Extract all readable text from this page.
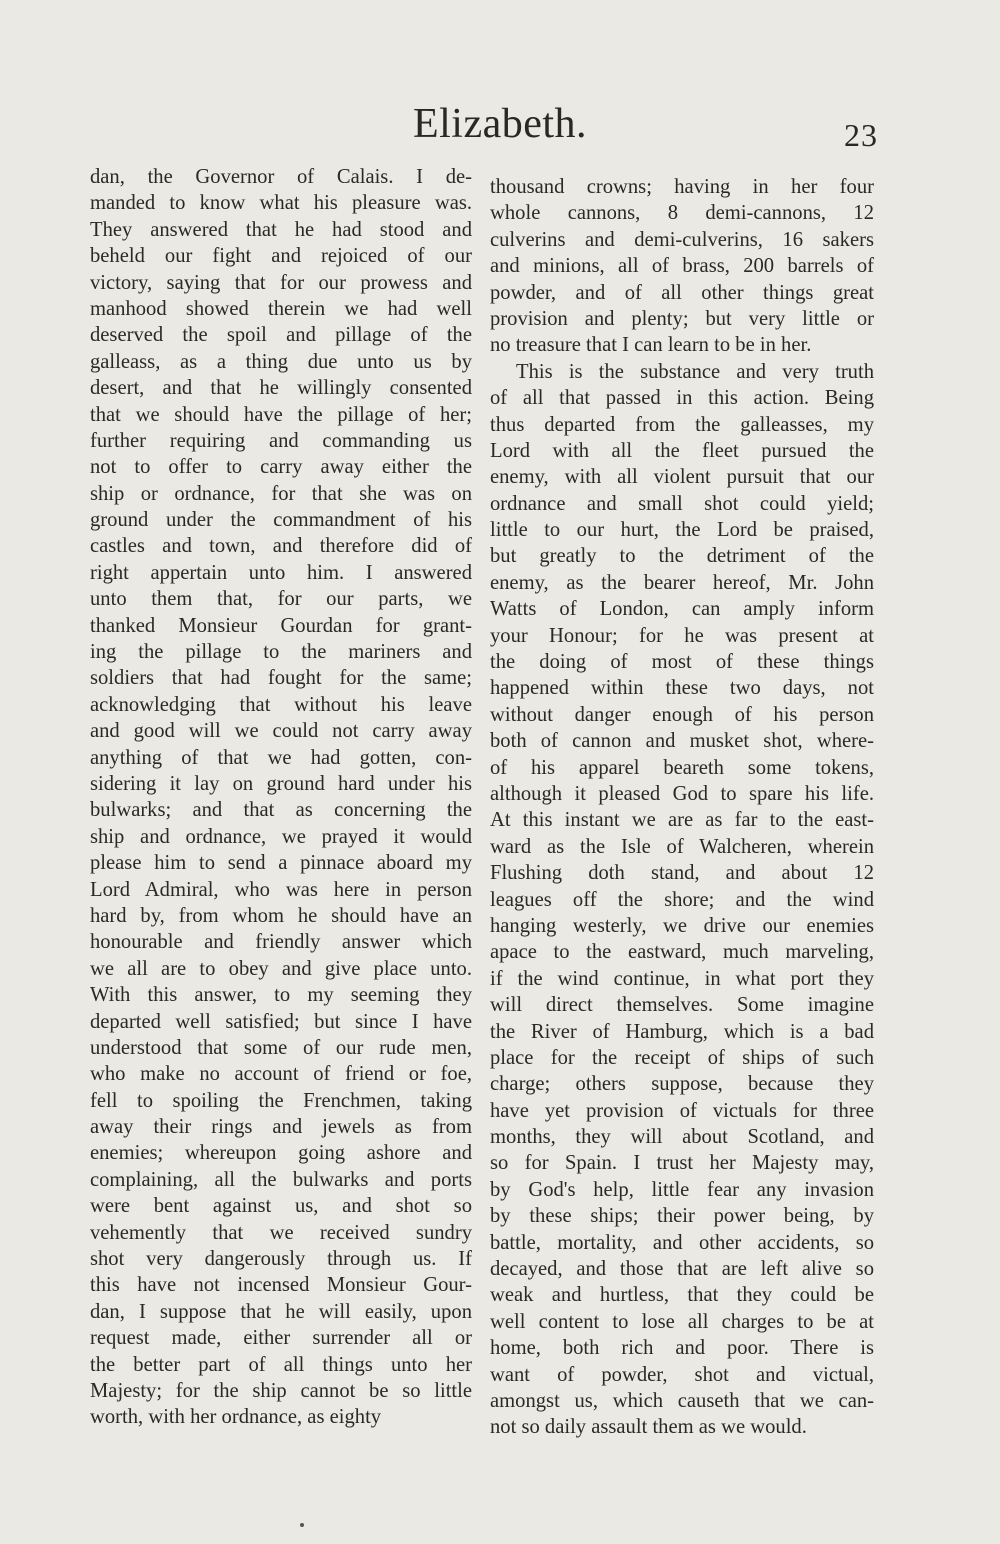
Elizabeth.	23
dan, the Governor of Calais. I de-
manded to know what his pleasure was.
They answered that he had stood and
beheld our fight and rejoiced of our
victory, saying that for our prowess and
manhood showed therein we had well
deserved the spoil and pillage of the
galleass, as a thing due unto us by
desert, and that he willingly consented
that we should have the pillage of her;
further requiring and commanding us
not to offer to carry away either the
ship or ordnance, for that she was on
ground under the commandment of his
castles and town, and therefore did of
right appertain unto him. I answered
unto them that, for our parts, we
thanked Monsieur Gourdan for grant-
ing the pillage to the mariners and
soldiers that had fought for the same;
acknowledging that without his leave
and good will we could not carry away
anything of that we had gotten, con-
sidering it lay on ground hard under his
bulwarks; and that as concerning the
ship and ordnance, we prayed it would
please him to send a pinnace aboard my
Lord Admiral, who was here in person
hard by, from whom he should have an
honourable and friendly answer which
we all are to obey and give place unto.
With this answer, to my seeming they
departed well satisfied; but since I have
understood that some of our rude men,
who make no account of friend or foe,
fell to spoiling the Frenchmen, taking
away their rings and jewels as from
enemies; whereupon going ashore and
complaining, all the bulwarks and ports
were bent against us, and shot so
vehemently that we received sundry
shot very dangerously through us. If
this have not incensed Monsieur Gour-
dan, I suppose that he will easily, upon
request made, either surrender all or
the better part of all things unto her
Majesty; for the ship cannot be so little
worth, with her ordnance, as eighty
thousand crowns; having in her four
whole cannons, 8 demi-cannons, 12
culverins and demi-culverins, 16 sakers
and minions, all of brass, 200 barrels of
powder, and of all other things great
provision and plenty; but very little or
no treasure that I can learn to be in her.
This is the substance and very truth
of all that passed in this action. Being
thus departed from the galleasses, my
Lord with all the fleet pursued the
enemy, with all violent pursuit that our
ordnance and small shot could yield;
little to our hurt, the Lord be praised,
but greatly to the detriment of the
enemy, as the bearer hereof, Mr. John
Watts of London, can amply inform
your Honour; for he was present at
the doing of most of these things
happened within these two days, not
without danger enough of his person
both of cannon and musket shot, where-
of his apparel beareth some tokens,
although it pleased God to spare his life.
At this instant we are as far to the east-
ward as the Isle of Walcheren, wherein
Flushing doth stand, and about 12
leagues off the shore; and the wind
hanging westerly, we drive our enemies
apace to the eastward, much marveling,
if the wind continue, in what port they
will direct themselves. Some imagine
the River of Hamburg, which is a bad
place for the receipt of ships of such
charge; others suppose, because they
have yet provision of victuals for three
months, they will about Scotland, and
so for Spain. I trust her Majesty may,
by God's help, little fear any invasion
by these ships; their power being, by
battle, mortality, and other accidents, so
decayed, and those that are left alive so
weak and hurtless, that they could be
well content to lose all charges to be at
home, both rich and poor. There is
want of powder, shot and victual,
amongst us, which causeth that we can-
not so daily assault them as we would.
